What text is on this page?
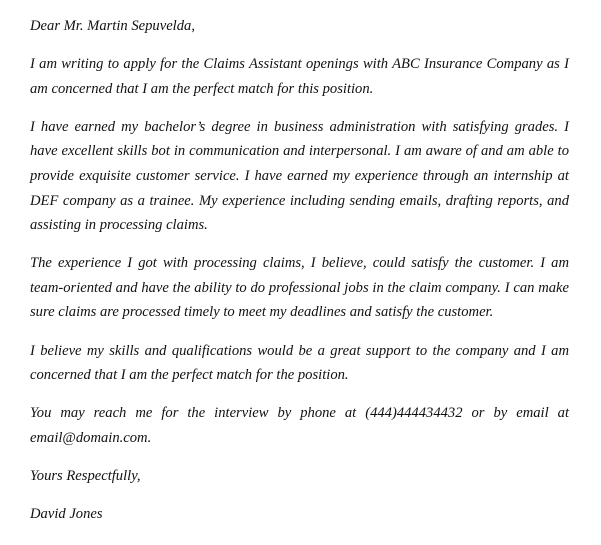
Dear Mr. Martin Sepuvelda,

I am writing to apply for the Claims Assistant openings with ABC Insurance Company as I am concerned that I am the perfect match for this position.

I have earned my bachelor’s degree in business administration with satisfying grades. I have excellent skills bot in communication and interpersonal. I am aware of and am able to provide exquisite customer service. I have earned my experience through an internship at DEF company as a trainee. My experience including sending emails, drafting reports, and assisting in processing claims.

The experience I got with processing claims, I believe, could satisfy the customer. I am team-oriented and have the ability to do professional jobs in the claim company. I can make sure claims are processed timely to meet my deadlines and satisfy the customer.

I believe my skills and qualifications would be a great support to the company and I am concerned that I am the perfect match for the position.

You may reach me for the interview by phone at (444)444434432 or by email at email@domain.com.

Yours Respectfully,

David Jones
